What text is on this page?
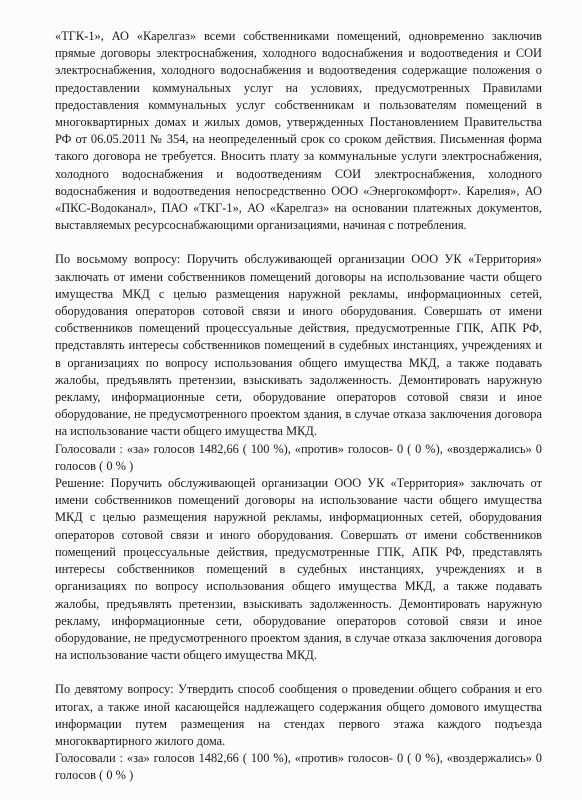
«ТГК-1», АО «Карелгаз» всеми собственниками помещений, одновременно заключив прямые договоры электроснабжения, холодного водоснабжения и водоотведения и СОИ электроснабжения, холодного водоснабжения и водоотведения содержащие положения о предоставлении коммунальных услуг на условиях, предусмотренных Правилами предоставления коммунальных услуг собственникам и пользователям помещений в многоквартирных домах и жилых домов, утвержденных Постановлением Правительства РФ от 06.05.2011 № 354, на неопределенный срок со сроком действия. Письменная форма такого договора не требуется. Вносить плату за коммунальные услуги электроснабжения, холодного водоснабжения и водоотведениям СОИ электроснабжения, холодного водоснабжения и водоотведения непосредственно ООО «Энергокомфорт». Карелия», АО «ПКС-Водоканал», ПАО «ТКГ-1», АО «Карелгаз» на основании платежных документов, выставляемых ресурсоснабжающими организациями, начиная с потребления.

По восьмому вопросу: Поручить обслуживающей организации ООО УК «Территория» заключать от имени собственников помещений договоры на использование части общего имущества МКД с целью размещения наружной рекламы, информационных сетей, оборудования операторов сотовой связи и иного оборудования. Совершать от имени собственников помещений процессуальные действия, предусмотренные ГПК, АПК РФ, представлять интересы собственников помещений в судебных инстанциях, учреждениях и в организациях по вопросу использования общего имущества МКД, а также подавать жалобы, предъявлять претензии, взыскивать задолженность. Демонтировать наружную рекламу, информационные сети, оборудование операторов сотовой связи и иное оборудование, не предусмотренного проектом здания, в случае отказа заключения договора на использование части общего имущества МКД.

Голосовали : «за» голосов 1482,66 ( 100 %), «против» голосов- 0 ( 0 %), «воздержались» 0 голосов ( 0 % )

Решение: Поручить обслуживающей организации ООО УК «Территория» заключать от имени собственников помещений договоры на использование части общего имущества МКД с целью размещения наружной рекламы, информационных сетей, оборудования операторов сотовой связи и иного оборудования. Совершать от имени собственников помещений процессуальные действия, предусмотренные ГПК, АПК РФ, представлять интересы собственников помещений в судебных инстанциях, учреждениях и в организациях по вопросу использования общего имущества МКД, а также подавать жалобы, предъявлять претензии, взыскивать задолженность. Демонтировать наружную рекламу, информационные сети, оборудование операторов сотовой связи и иное оборудование, не предусмотренного проектом здания, в случае отказа заключения договора на использование части общего имущества МКД.

По девятому вопросу: Утвердить способ сообщения о проведении общего собрания и его итогах, а также иной касающейся надлежащего содержания общего домового имущества информации путем размещения на стендах первого этажа каждого подъезда многоквартирного жилого дома.

Голосовали : «за» голосов 1482,66 ( 100 %), «против» голосов- 0 ( 0 %), «воздержались» 0 голосов ( 0 % )
